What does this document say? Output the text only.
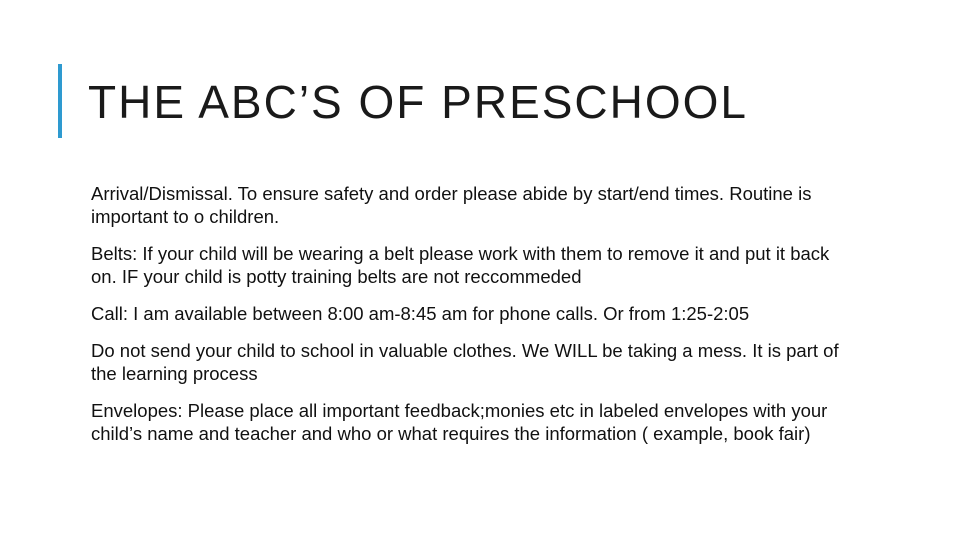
THE ABC’S OF PRESCHOOL
Arrival/Dismissal. To ensure safety and order please abide by start/end times. Routine is important to o children.
Belts: If your child will be wearing a belt please work with them to remove it and put it back on. IF your child is potty training belts are not reccommeded
Call: I am available between 8:00 am-8:45 am for phone calls. Or from 1:25-2:05
Do not send your child to school in valuable clothes. We WILL be taking a mess. It is part of the learning process
Envelopes: Please place all important feedback;monies etc in labeled envelopes with your child’s name and teacher and who or what requires the information ( example, book fair)
